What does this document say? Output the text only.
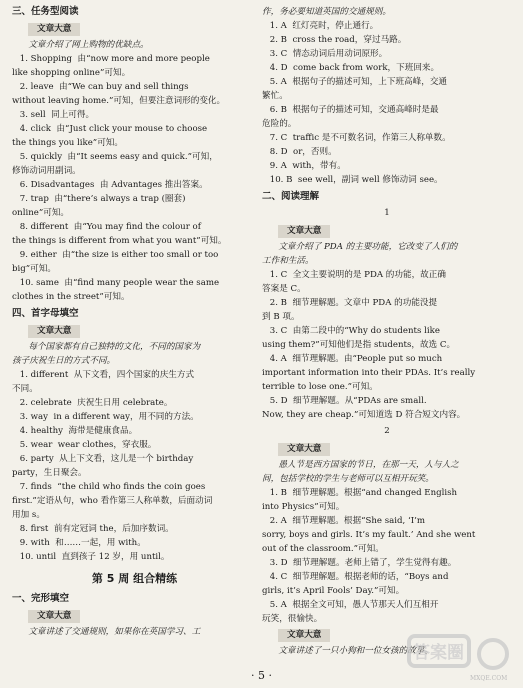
三、任务型阅读
文章大意
文章介绍了网上购物的优缺点。
1. Shopping  由“now more and more people
like shopping online”可知。
2. leave  由“We can buy and sell things
without leaving home.”可知，但要注意词形的变化。
3. sell  同上可得。
4. click  由“Just click your mouse to choose
the things you like”可知。
5. quickly  由“It seems easy and quick.”可知，
修饰动词用副词。
6. Disadvantages  由 Advantages 推出答案。
7. trap  由“there’s always a trap (圈套)
online”可知。
8. different  由“You may find the colour of
the things is different from what you want”可知。
9. either  由“the size is either too small or too
big”可知。
10. same  由“find many people wear the same
clothes in the street”可知。
四、首字母填空
文章大意
每个国家都有自己独特的文化，不同的国家为
孩子庆祝生日的方式不同。
1. different  从下文看，四个国家的庆生方式
不同。
2. celebrate  庆祝生日用 celebrate。
3. way  in a different way，用不同的方法。
4. healthy  海带是健康食品。
5. wear  wear clothes，穿衣服。
6. party  从上下文看，这儿是一个 birthday
party，生日聚会。
7. finds  “the child who finds the coin goes
first.”定语从句，who 看作第三人称单数，后面动词
用加 s。
8. first  前有定冠词 the，后加序数词。
9. with  和……一起，用 with。
10. until  直到孩子 12 岁，用 until。
第 5 周 组合精练
一、完形填空
文章大意
文章讲述了交通规则，如果你在英国学习、工
作，务必要知道英国的交通规则。
1. A  红灯亮时，停止通行。
2. B  cross the road，穿过马路。
3. C  情态动词后用动词原形。
4. D  come back from work，下班回来。
5. A  根据句子的描述可知，上下班高峰，交通
繁忙。
6. B  根据句子的描述可知，交通高峰时是最
危险的。
7. C  traffic 是不可数名词，作第三人称单数。
8. D  or，否则。
9. A  with，带有。
10. B  see well，副词 well 修饰动词 see。
二、阅读理解
1
文章大意
文章介绍了 PDA 的主要功能，它改变了人们的
工作和生活。
1. C  全文主要说明的是 PDA 的功能，故正确
答案是 C。
2. B  细节理解题。文章中 PDA 的功能没提
到 B 项。
3. C  由第二段中的“Why do students like
using them?”可知他们是指 students，故选 C。
4. A  细节理解题。由“People put so much
important information into their PDAs. It’s really
terrible to lose one.”可知。
5. D  细节理解题。从“PDAs are small.
Now, they are cheap.”可知道选 D 符合短文内容。
2
文章大意
愚人节是西方国家的节日，在那一天，人与人之
间，包括学校的学生与老师可以互相开玩笑。
1. B  细节理解题。根据“and changed English
into Physics”可知。
2. A  细节理解题。根据“She said, ‘I’m
sorry, boys and girls. It’s my fault.’ And she went
out of the classroom.”可知。
3. D  细节理解题。老师上错了，学生觉得有趣。
4. C  细节理解题。根据老师的话，“Boys and
girls, it’s April Fools’ Day.”可知。
5. A  根据全文可知，愚人节那天人们互相开
玩笑，很愉快。
文章大意
文章讲述了一只小狗和一位女孩的故事。
答案圈
MXQE.COM
· 5 ·
